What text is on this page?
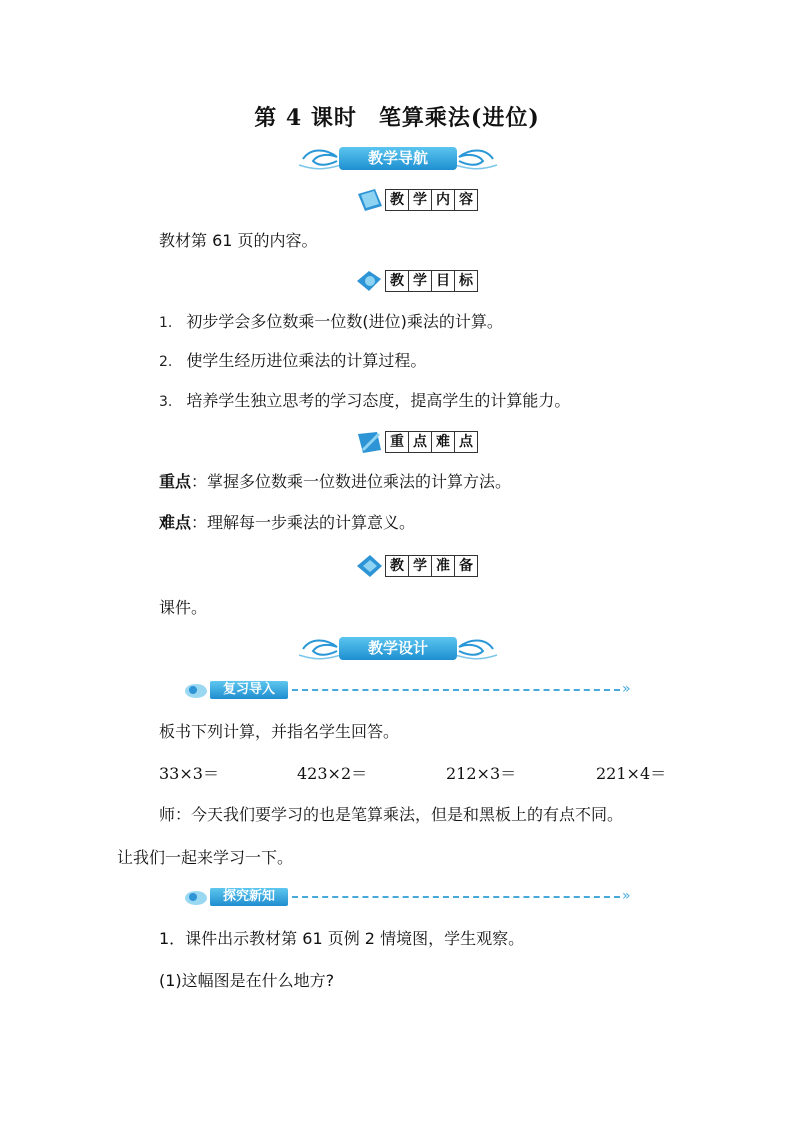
第 4 课时 笔算乘法(进位)
教学导航
教 学 内 容
教材第 61 页的内容。
教 学 目 标
1. 初步学会多位数乘一位数(进位)乘法的计算。
2. 使学生经历进位乘法的计算过程。
3. 培养学生独立思考的学习态度，提高学生的计算能力。
重 点 难 点
重点：掌握多位数乘一位数进位乘法的计算方法。
难点：理解每一步乘法的计算意义。
教 学 准 备
课件。
教学设计
复习导入	»
板书下列计算，并指名学生回答。
33×3＝	423×2＝	212×3＝	221×4＝
师：今天我们要学习的也是笔算乘法，但是和黑板上的有点不同。
让我们一起来学习一下。
探究新知	»
1．课件出示教材第 61 页例 2 情境图，学生观察。
(1)这幅图是在什么地方?
